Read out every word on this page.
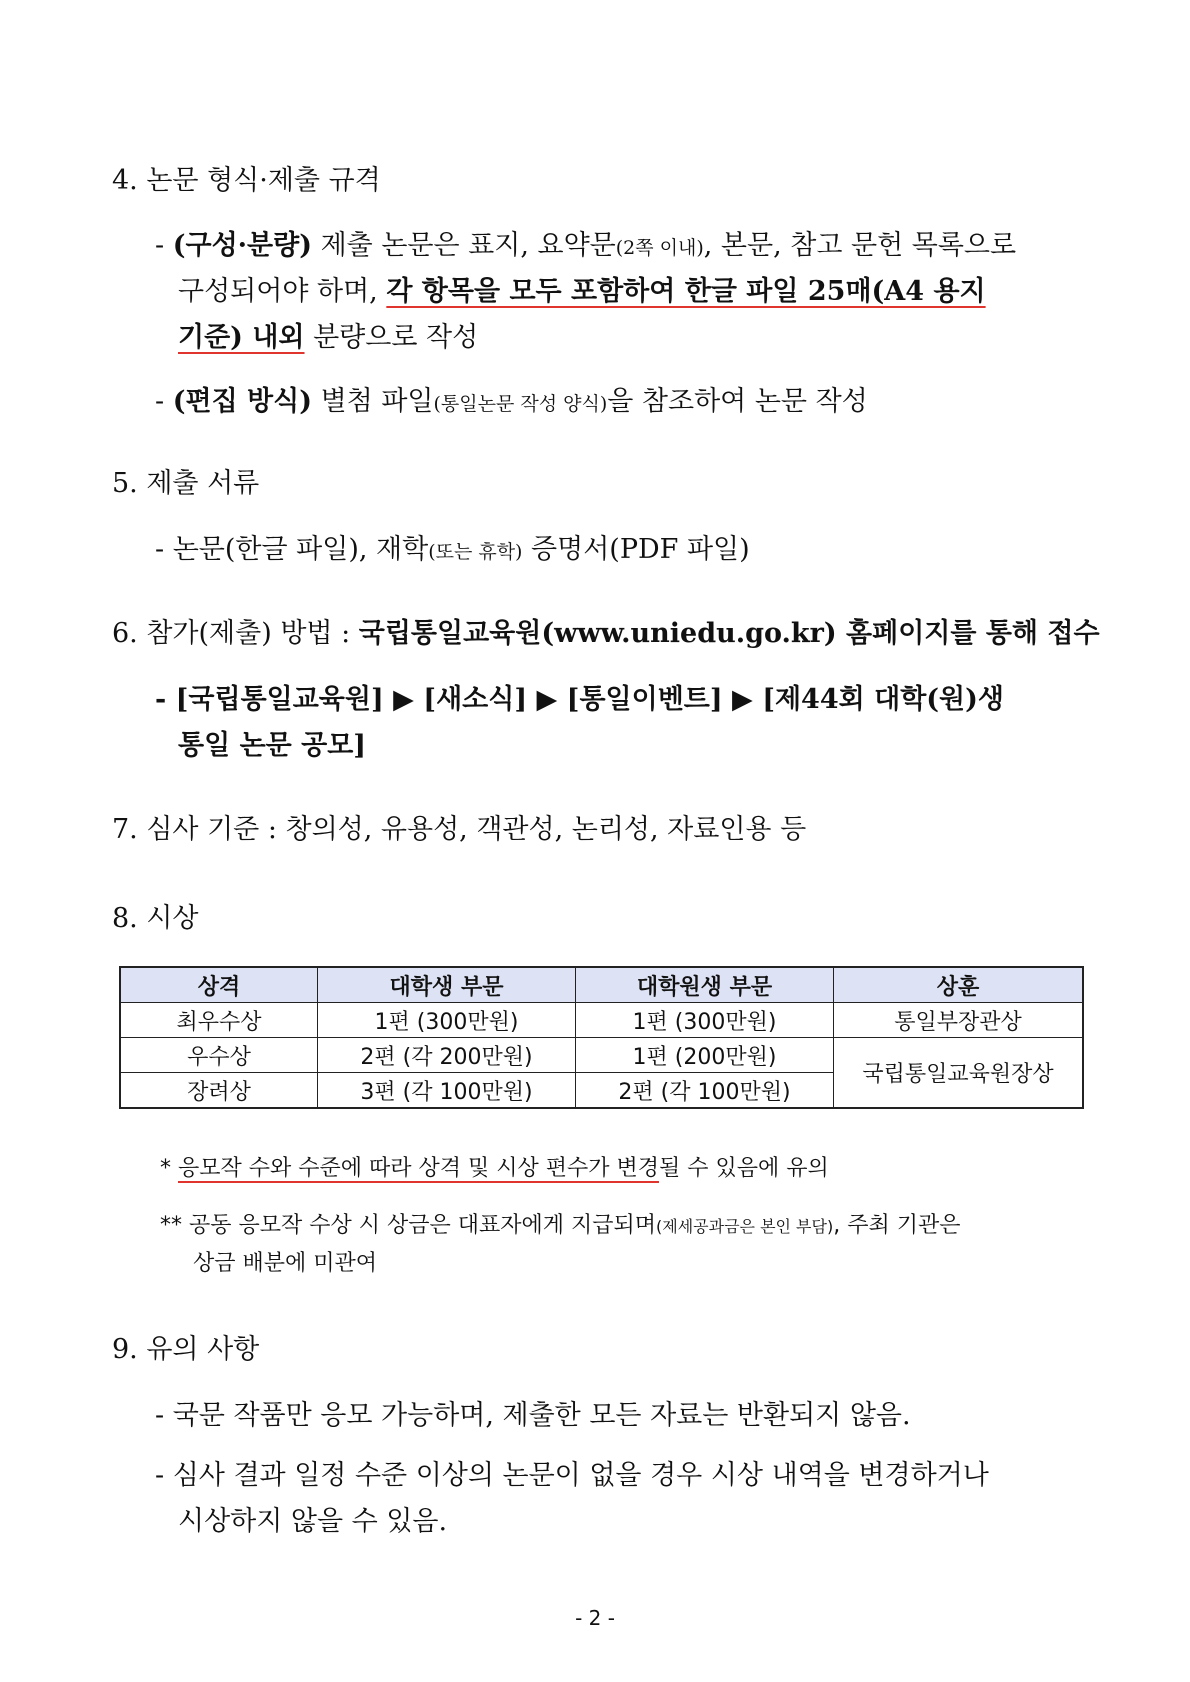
4. 논문 형식·제출 규격
- (구성·분량) 제출 논문은 표지, 요약문(2쪽 이내), 본문, 참고 문헌 목록으로
구성되어야 하며, 각 항목을 모두 포함하여 한글 파일 25매(A4 용지
기준) 내외 분량으로 작성
- (편집 방식) 별첨 파일(통일논문 작성 양식)을 참조하여 논문 작성
5. 제출 서류
- 논문(한글 파일), 재학(또는 휴학) 증명서(PDF 파일)
6. 참가(제출) 방법 : 국립통일교육원(www.uniedu.go.kr) 홈페이지를 통해 접수
- [국립통일교육원] ▶ [새소식] ▶ [통일이벤트] ▶ [제44회 대학(원)생
통일 논문 공모]
7. 심사 기준 : 창의성, 유용성, 객관성, 논리성, 자료인용 등
8. 시상
상격	대학생 부문	대학원생 부문	상훈
최우수상	1편 (300만원)	1편 (300만원)	통일부장관상
우수상	2편 (각 200만원)	1편 (200만원)	국립통일교육원장상
장려상	3편 (각 100만원)	2편 (각 100만원)	
* 응모작 수와 수준에 따라 상격 및 시상 편수가 변경될 수 있음에 유의
** 공동 응모작 수상 시 상금은 대표자에게 지급되며(제세공과금은 본인 부담), 주최 기관은
상금 배분에 미관여
9. 유의 사항
- 국문 작품만 응모 가능하며, 제출한 모든 자료는 반환되지 않음.
- 심사 결과 일정 수준 이상의 논문이 없을 경우 시상 내역을 변경하거나
시상하지 않을 수 있음.
- 2 -
